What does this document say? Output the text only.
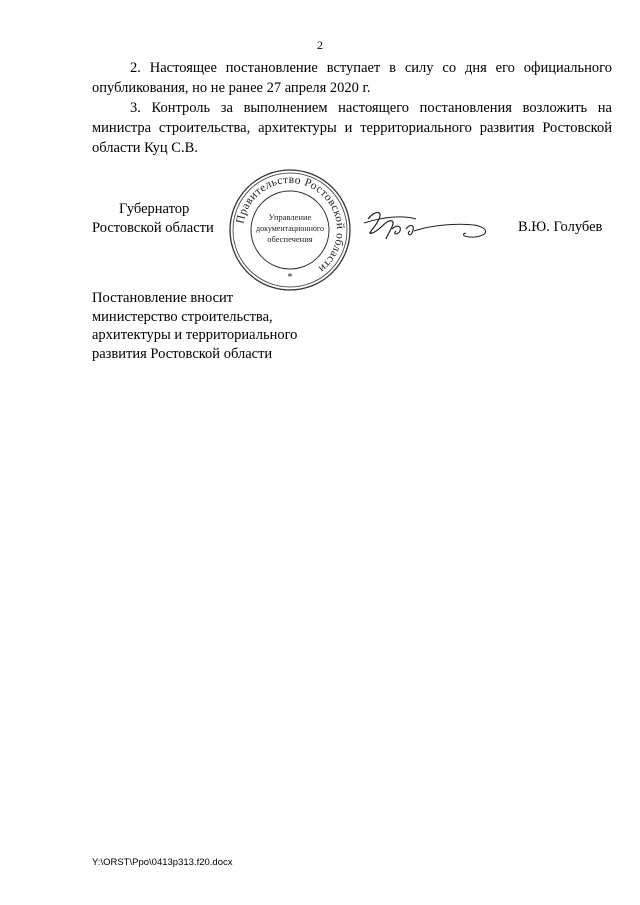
2
2. Настоящее постановление вступает в силу со дня его официального опубликования, но не ранее 27 апреля 2020 г.
3. Контроль за выполнением настоящего постановления возложить на министра строительства, архитектуры и территориального развития Ростовской области Куц С.В.
Губернатор
Ростовской области
Правительство Ростовской области
Управление
документационного
обеспечения
*
В.Ю. Голубев
Постановление вносит
министерство строительства,
архитектуры и территориального
развития Ростовской области
Y:\ORST\Ppo\0413p313.f20.docx
